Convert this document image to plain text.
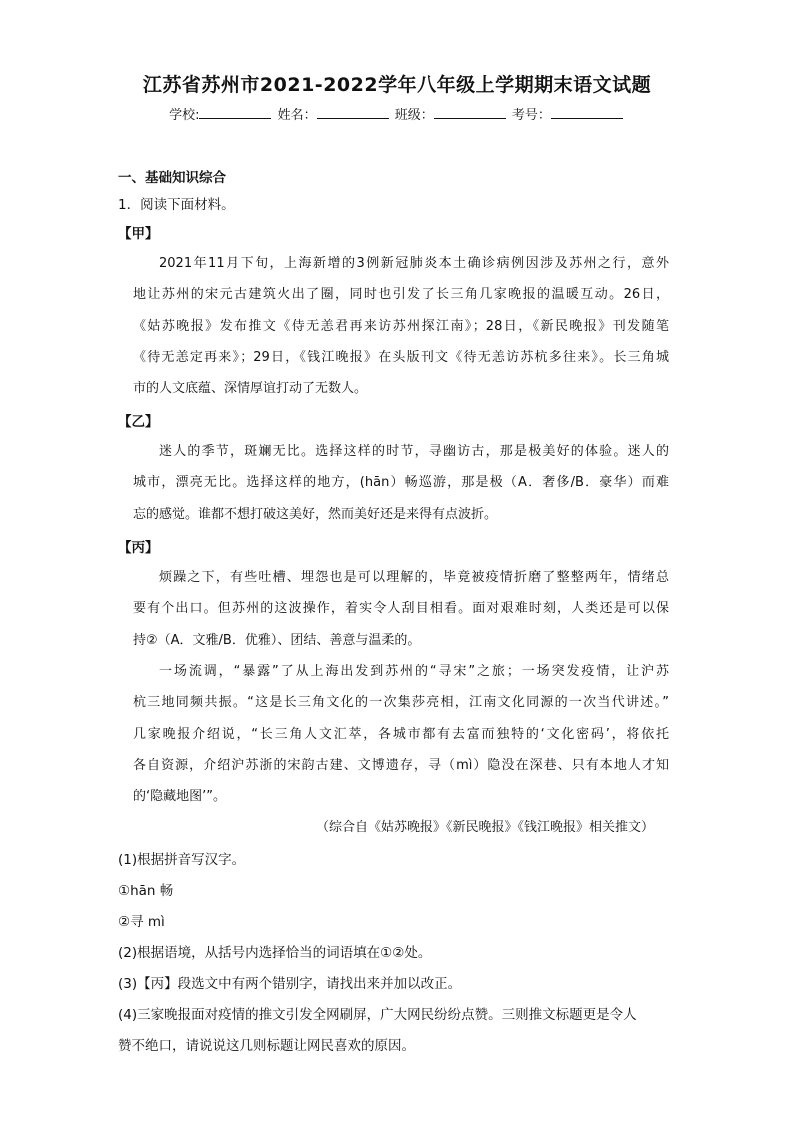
江苏省苏州市2021-2022学年八年级上学期期末语文试题
学校:	姓名：	班级：	考号：
一、基础知识综合
1．阅读下面材料。
【甲】
2021年11月下旬，上海新增的3例新冠肺炎本土确诊病例因涉及苏州之行，意外
地让苏州的宋元古建筑火出了圈，同时也引发了长三角几家晚报的温暖互动。26日，
《姑苏晚报》发布推文《侍无恙君再来访苏州探江南》；28日，《新民晚报》刊发随笔
《待无恙定再来》；29日，《钱江晚报》在头版刊文《待无恙访苏杭多往来》。长三角城
市的人文底蕴、深情厚谊打动了无数人。
【乙】
迷人的季节，斑斓无比。选择这样的时节，寻幽访古，那是极美好的体验。迷人的
城市，漂亮无比。选择这样的地方，(hān）畅巡游，那是极（A．奢侈/B．豪华）而难
忘的感觉。谁都不想打破这美好，然而美好还是来得有点波折。
【丙】
烦躁之下，有些吐槽、埋怨也是可以理解的，毕竟被疫情折磨了整整两年，情绪总
要有个出口。但苏州的这波操作，着实令人刮目相看。面对艰难时刻，人类还是可以保
持②（A．文雅/B．优雅）、团结、善意与温柔的。
一场流调，“暴露”了从上海出发到苏州的“寻宋”之旅；一场突发疫情，让沪苏
杭三地同频共振。“这是长三角文化的一次集莎亮相，江南文化同源的一次当代讲述。”
几家晚报介绍说，“长三角人文汇萃，各城市都有去富而独特的‘文化密码’，将依托
各自资源，介绍沪苏浙的宋韵古建、文博遗存，寻（mì）隐没在深巷、只有本地人才知
的‘隐藏地图’”。
（综合自《姑苏晚报》《新民晚报》《钱江晚报》相关推文）
(1)根据拼音写汉字。
①hān 畅
②寻 mì
(2)根据语境，从括号内选择恰当的词语填在①②处。
(3)【丙】段选文中有两个错别字，请找出来并加以改正。
(4)三家晚报面对疫情的推文引发全网刷屏，广大网民纷纷点赞。三则推文标题更是令人
赞不绝口，请说说这几则标题让网民喜欢的原因。
